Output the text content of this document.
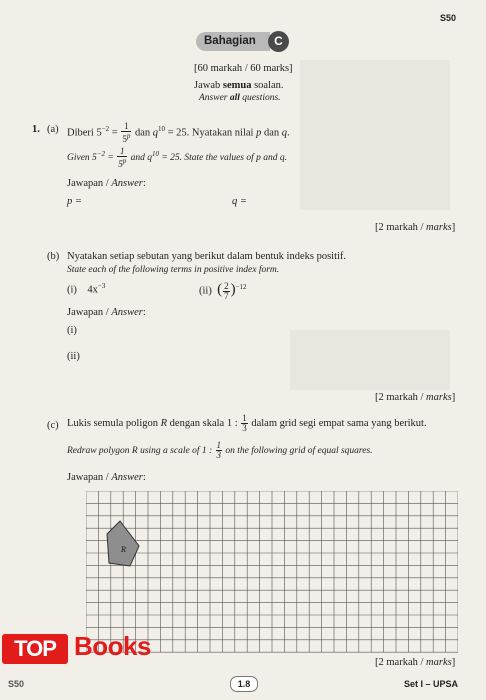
S50
Bahagian	C
[60 markah / 60 marks]
Jawab semua soalan.
Answer all questions.
1. (a) Diberi $5^{-2} = \frac{1}{5^p}$ dan $q^{10} = 25$. Nyatakan nilai p dan q.
Given $5^{-2} = \frac{1}{5^p}$ and $q^{10} = 25$. State the values of p and q.
Jawapan / Answer:
p =	q =
[2 markah / marks]
(b) Nyatakan setiap sebutan yang berikut dalam bentuk indeks positif.
State each of the following terms in positive index form.
(i) $4x^{-3}$	(ii) ( $\frac{2}{7} )^{-12}$
Jawapan / Answer:
(i)
(ii)
[2 markah / marks]
(c) Lukis semula poligon R dengan skala 1 : $\frac{1}{3}$ dalam grid segi empat sama yang berikut.
Redraw polygon R using a scale of 1 : $\frac{1}{3}$ on the following grid of equal squares.
Jawapan / Answer:
R
[2 markah / marks]
TOP Books
S50	1.8	Set I – UPSA
